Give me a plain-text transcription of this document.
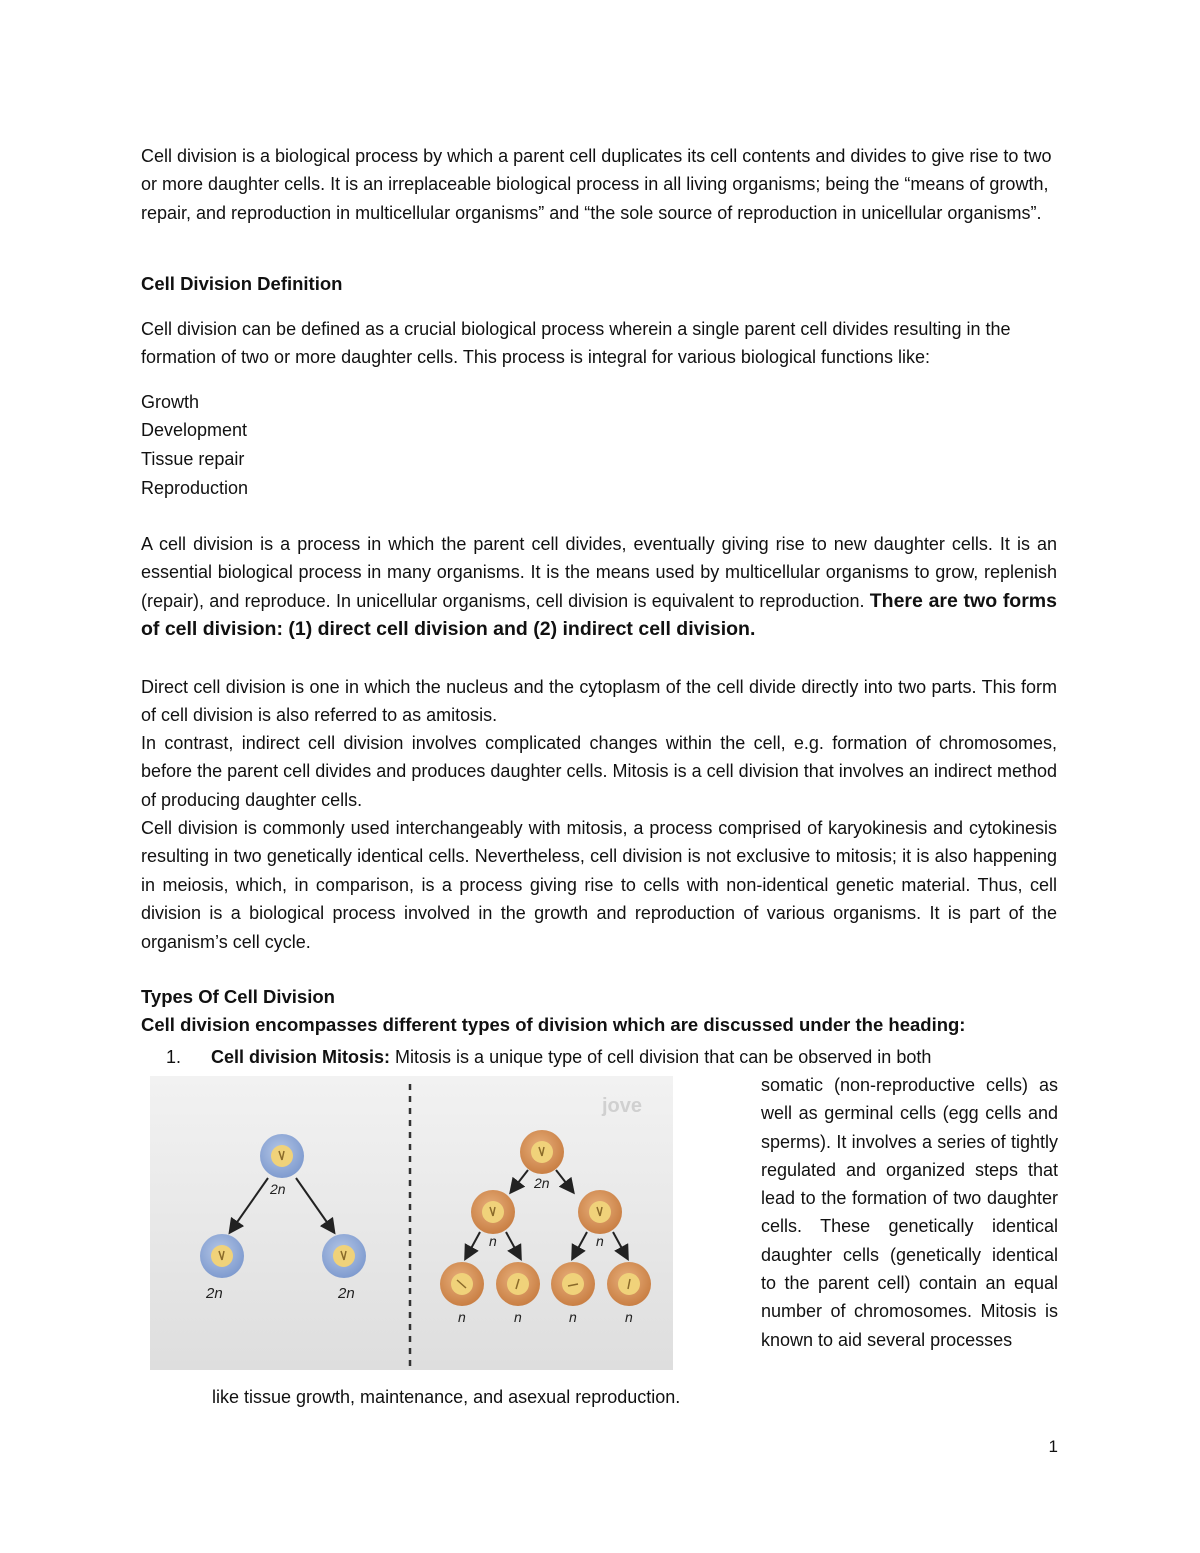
Cell division is a biological process by which a parent cell duplicates its cell contents and divides to give rise to two or more daughter cells. It is an irreplaceable biological process in all living organisms; being the “means of growth, repair, and reproduction in multicellular organisms” and “the sole source of reproduction in unicellular organisms”.

Cell Division Definition

Cell division can be defined as a crucial biological process wherein a single parent cell divides resulting in the formation of two or more daughter cells. This process is integral for various biological functions like:

Growth

Development

Tissue repair

Reproduction

A cell division is a process in which the parent cell divides, eventually giving rise to new daughter cells. It is an essential biological process in many organisms. It is the means used by multicellular organisms to grow, replenish (repair), and reproduce. In unicellular organisms, cell division is equivalent to reproduction. There are two forms of cell division: (1) direct cell division and (2) indirect cell division.

Direct cell division is one in which the nucleus and the cytoplasm of the cell divide directly into two parts. This form of cell division is also referred to as amitosis.

In contrast, indirect cell division involves complicated changes within the cell, e.g. formation of chromosomes, before the parent cell divides and produces daughter cells. Mitosis is a cell division that involves an indirect method of producing daughter cells.

Cell division is commonly used interchangeably with mitosis, a process comprised of karyokinesis and cytokinesis resulting in two genetically identical cells. Nevertheless, cell division is not exclusive to mitosis; it is also happening in meiosis, which, in comparison, is a process giving rise to cells with non-identical genetic material. Thus, cell division is a biological process involved in the growth and reproduction of various organisms. It is part of the organism’s cell cycle.

Types Of Cell Division

Cell division encompasses different types of division which are discussed under the heading:

1. Cell division Mitosis: Mitosis is a unique type of cell division that can be observed in both

jove
2n
2n	2n
2n
n	n
n	n	n	n

somatic (non-reproductive cells) as well as germinal cells (egg cells and sperms). It involves a series of tightly regulated and organized steps that lead to the formation of two daughter cells. These genetically identical daughter cells (genetically identical to the parent cell) contain an equal number of chromosomes. Mitosis is known to aid several processes

like tissue growth, maintenance, and asexual reproduction.

1
